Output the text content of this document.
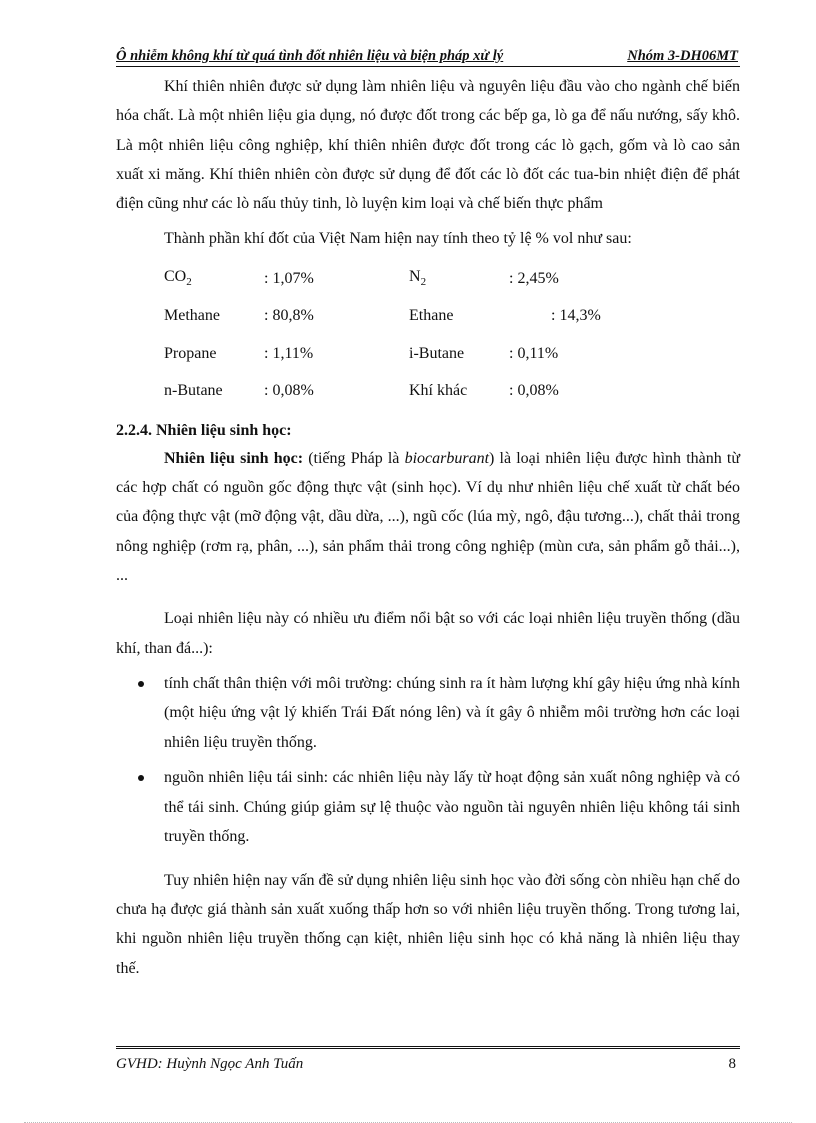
Ô nhiễm không khí từ quá tình đốt nhiên liệu và biện pháp xử lý	Nhóm 3-DH06MT

Khí thiên nhiên được sử dụng làm nhiên liệu và nguyên liệu đầu vào cho ngành chế biến hóa chất. Là một nhiên liệu gia dụng, nó được đốt trong các bếp ga, lò ga để nấu nướng, sấy khô. Là một nhiên liệu công nghiệp, khí thiên nhiên được đốt trong các lò gạch, gốm và lò cao sản xuất xi măng. Khí thiên nhiên còn được sử dụng để đốt các lò đốt các tua-bin nhiệt điện để phát điện cũng như các lò nấu thủy tinh, lò luyện kim loại và chế biến thực phẩm

Thành phần khí đốt của Việt Nam hiện nay tính theo tỷ lệ % vol như sau:

$CO_2$	: 1,07%	$N_2$	: 2,45%
Methane	: 80,8%	Ethane	: 14,3%
Propane	: 1,11%	i-Butane	: 0,11%
n-Butane	: 0,08%	Khí khác	: 0,08%

2.2.4. Nhiên liệu sinh học:

Nhiên liệu sinh học: (tiếng Pháp là biocarburant) là loại nhiên liệu được hình thành từ các hợp chất có nguồn gốc động thực vật (sinh học). Ví dụ như nhiên liệu chế xuất từ chất béo của động thực vật (mỡ động vật, dầu dừa, ...), ngũ cốc (lúa mỳ, ngô, đậu tương...), chất thải trong nông nghiệp (rơm rạ, phân, ...), sản phẩm thải trong công nghiệp (mùn cưa, sản phẩm gỗ thải...), ...

Loại nhiên liệu này có nhiều ưu điểm nổi bật so với các loại nhiên liệu truyền thống (dầu khí, than đá...):

tính chất thân thiện với môi trường: chúng sinh ra ít hàm lượng khí gây hiệu ứng nhà kính (một hiệu ứng vật lý khiến Trái Đất nóng lên) và ít gây ô nhiễm môi trường hơn các loại nhiên liệu truyền thống.
nguồn nhiên liệu tái sinh: các nhiên liệu này lấy từ hoạt động sản xuất nông nghiệp và có thể tái sinh. Chúng giúp giảm sự lệ thuộc vào nguồn tài nguyên nhiên liệu không tái sinh truyền thống.

Tuy nhiên hiện nay vấn đề sử dụng nhiên liệu sinh học vào đời sống còn nhiều hạn chế do chưa hạ được giá thành sản xuất xuống thấp hơn so với nhiên liệu truyền thống. Trong tương lai, khi nguồn nhiên liệu truyền thống cạn kiệt, nhiên liệu sinh học có khả năng là nhiên liệu thay thế.

GVHD: Huỳnh Ngọc Anh Tuấn	8
